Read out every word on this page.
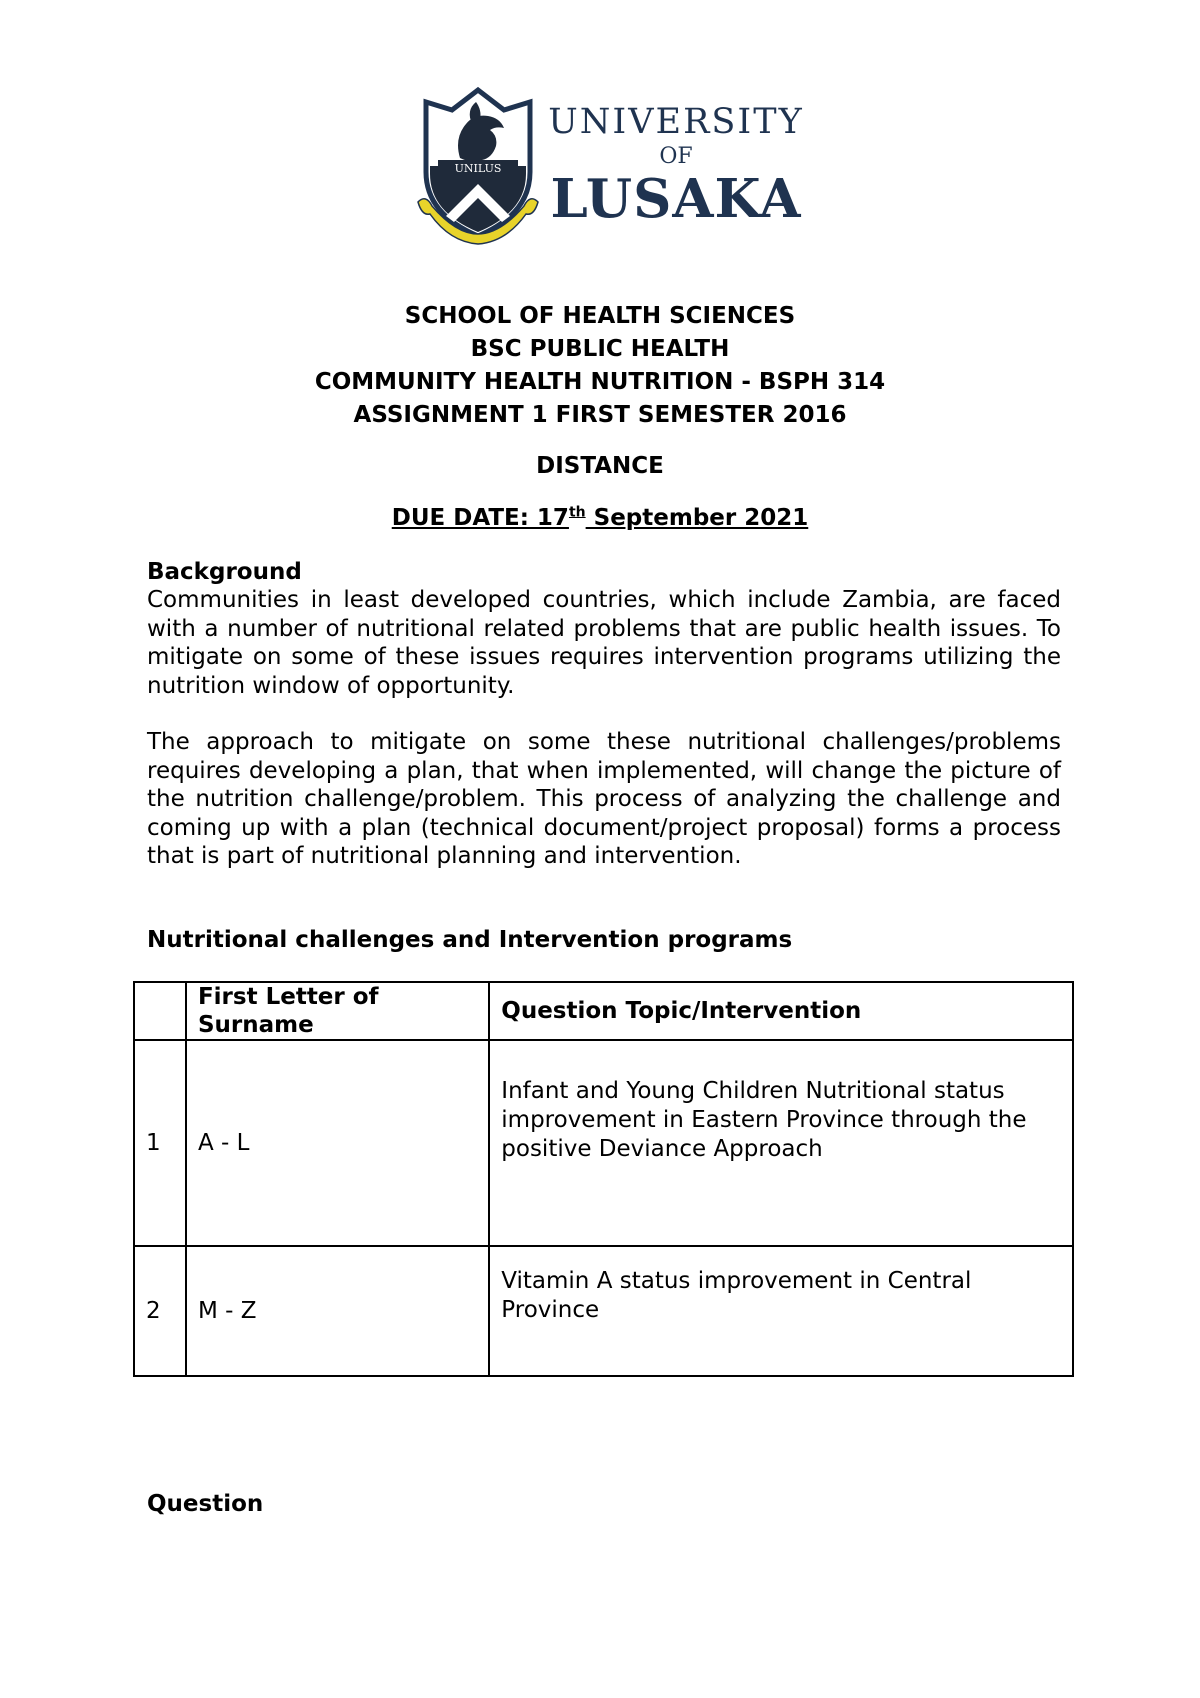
UNILUS
UNIVERSITY
OF
LUSAKA
SCHOOL OF HEALTH SCIENCES
BSC PUBLIC HEALTH
COMMUNITY HEALTH NUTRITION - BSPH 314
ASSIGNMENT 1 FIRST SEMESTER 2016
DISTANCE
DUE DATE: 17th September 2021
Background
Communities in least developed countries, which include Zambia, are faced with a number of nutritional related problems that are public health issues. To mitigate on some of these issues requires intervention programs utilizing the nutrition window of opportunity.
The approach to mitigate on some these nutritional challenges/problems requires developing a plan, that when implemented, will change the picture of the nutrition challenge/problem. This process of analyzing the challenge and coming up with a plan (technical document/project proposal) forms a process that is part of nutritional planning and intervention.
Nutritional challenges and Intervention programs
	First Letter of Surname	Question Topic/Intervention
1	A - L	Infant and Young Children Nutritional status improvement in Eastern Province through the positive Deviance Approach
2	M - Z	Vitamin A status improvement in Central Province
Question
